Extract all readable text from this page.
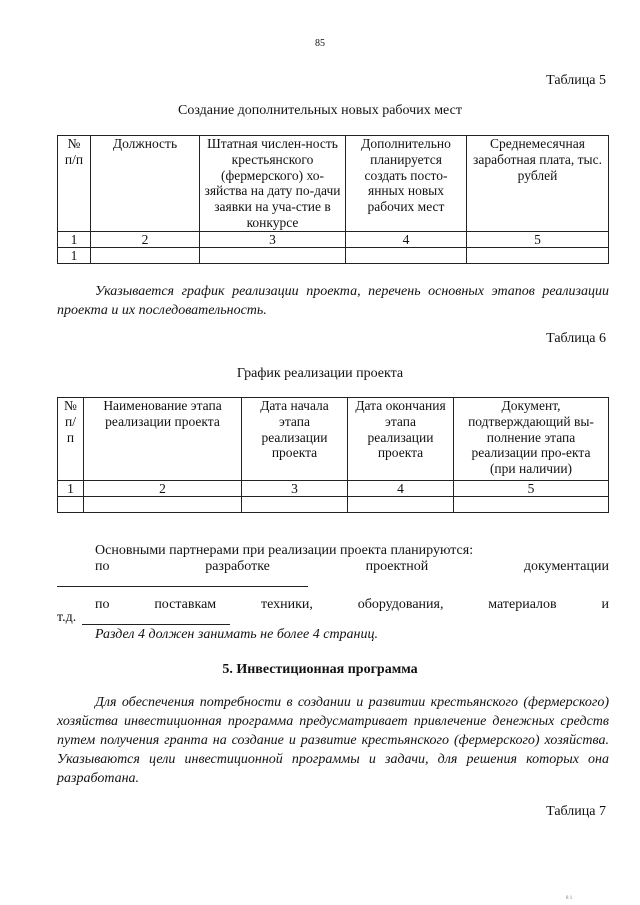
85
Таблица 5
Создание дополнительных новых рабочих мест
№ п/п	Должность	Штатная числен-ность крестьянского (фермерского) хо-зяйства на дату по-дачи заявки на уча-стие в конкурсе	Дополнительно планируется создать посто-янных новых рабочих мест	Среднемесячная заработная плата, тыс. рублей
1	2	3	4	5
1				
Указывается график реализации проекта, перечень основных этапов реализации проекта и их последовательность.
Таблица 6
График реализации проекта
№ п/ п	Наименование этапа реализации проекта	Дата начала этапа реализации проекта	Дата окончания этапа реализации проекта	Документ, подтверждающий вы-полнение этапа реализации про-екта (при наличии)
1	2	3	4	5

Основными партнерами при реализации проекта планируются:
по	разработке	проектной	документации
по	поставкам	техники,	оборудования,	материалов	и
т.д.
Раздел 4 должен занимать не более 4 страниц.
5. Инвестиционная программа
Для обеспечения потребности в создании и развитии крестьянского (фермерского) хозяйства инвестиционная программа предусматривает привлечение денежных средств путем получения гранта на создание и развитие крестьянского (фермерского) хозяйства. Указываются цели инвестиционной программы и задачи, для решения которых она разработана.
Таблица 7
8 1
